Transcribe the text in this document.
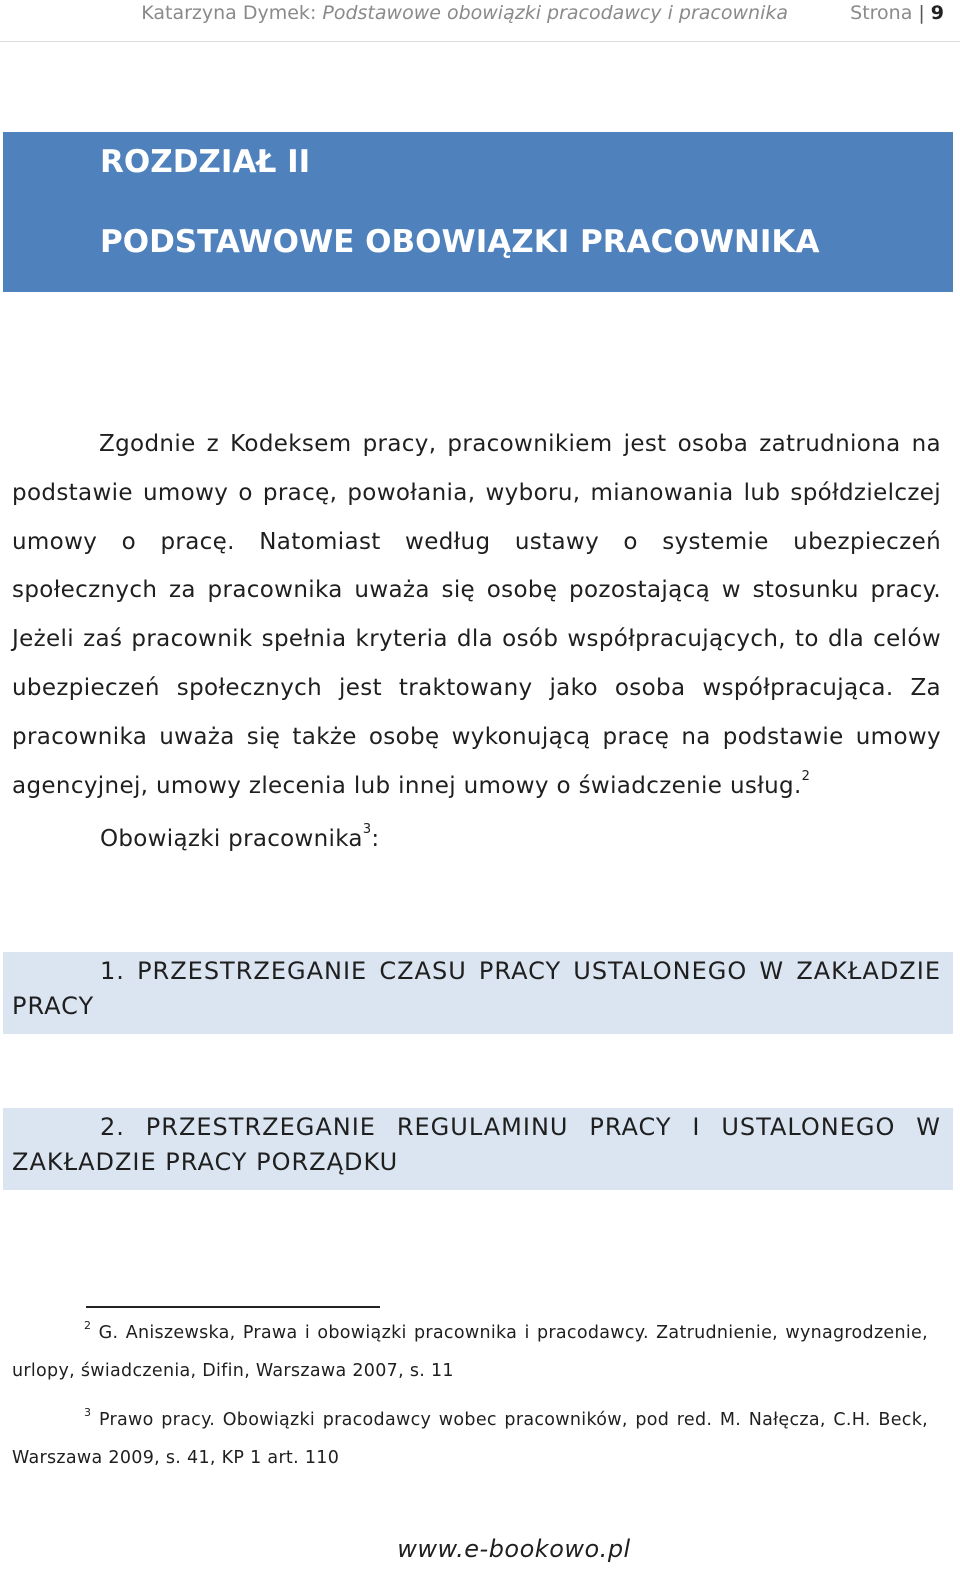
Katarzyna Dymek: Podstawowe obowiązki pracodawcy i pracownika	Strona | 9
ROZDZIAŁ II
PODSTAWOWE OBOWIĄZKI PRACOWNIKA
Zgodnie z Kodeksem pracy, pracownikiem jest osoba zatrudniona na podstawie umowy o pracę, powołania, wyboru, mianowania lub spółdzielczej umowy o pracę. Natomiast według ustawy o systemie ubezpieczeń społecznych za pracownika uważa się osobę pozostającą w stosunku pracy. Jeżeli zaś pracownik spełnia kryteria dla osób współpracujących, to dla celów ubezpieczeń społecznych jest traktowany jako osoba współpracująca. Za pracownika uważa się także osobę wykonującą pracę na podstawie umowy agencyjnej, umowy zlecenia lub innej umowy o świadczenie usług.$^2$
Obowiązki pracownika$^3$:
1. PRZESTRZEGANIE CZASU PRACY USTALONEGO W ZAKŁADZIE PRACY
2. PRZESTRZEGANIE REGULAMINU PRACY I USTALONEGO W ZAKŁADZIE PRACY PORZĄDKU
$^2$ G. Aniszewska, Prawa i obowiązki pracownika i pracodawcy. Zatrudnienie, wynagrodzenie, urlopy, świadczenia, Difin, Warszawa 2007, s. 11
$^3$ Prawo pracy. Obowiązki pracodawcy wobec pracowników, pod red. M. Nałęcza, C.H. Beck, Warszawa 2009, s. 41, KP 1 art. 110
www.e-bookowo.pl
